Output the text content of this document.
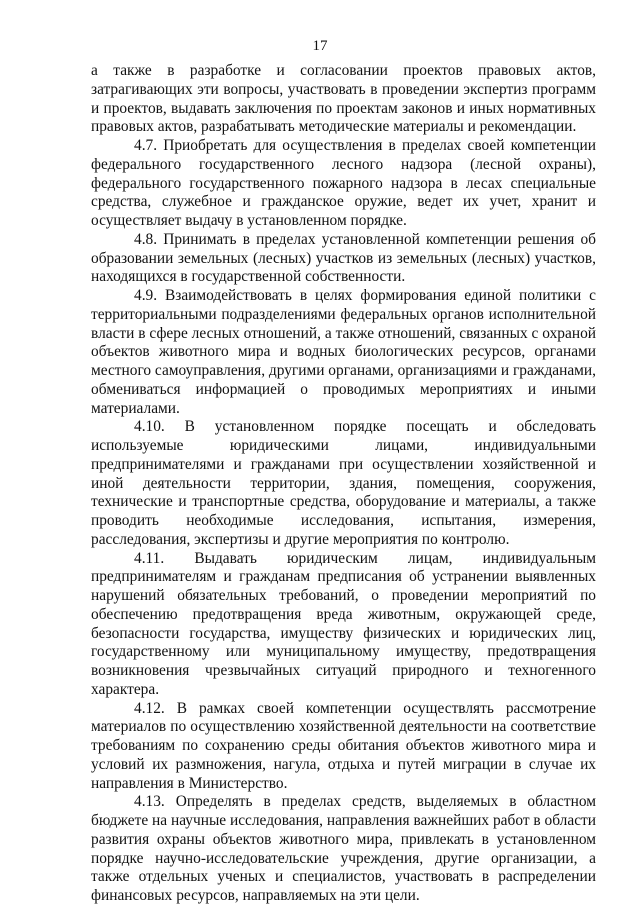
17

а также в разработке и согласовании проектов правовых актов, затрагивающих эти вопросы, участвовать в проведении экспертиз программ и проектов, выдавать заключения по проектам законов и иных нормативных правовых актов, разрабатывать методические материалы и рекомендации.

4.7. Приобретать для осуществления в пределах своей компетенции федерального государственного лесного надзора (лесной охраны), федерального государственного пожарного надзора в лесах специальные средства, служебное и гражданское оружие, ведет их учет, хранит и осуществляет выдачу в установленном порядке.

4.8. Принимать в пределах установленной компетенции решения об образовании земельных (лесных) участков из земельных (лесных) участков, находящихся в государственной собственности.

4.9. Взаимодействовать в целях формирования единой политики с территориальными подразделениями федеральных органов исполнительной власти в сфере лесных отношений, а также отношений, связанных с охраной объектов животного мира и водных биологических ресурсов, органами местного самоуправления, другими органами, организациями и гражданами, обмениваться информацией о проводимых мероприятиях и иными материалами.

4.10. В установленном порядке посещать и обследовать используемые юридическими лицами, индивидуальными предпринимателями и гражданами при осуществлении хозяйственной и иной деятельности территории, здания, помещения, сооружения, технические и транспортные средства, оборудование и материалы, а также проводить необходимые исследования, испытания, измерения, расследования, экспертизы и другие мероприятия по контролю.

4.11. Выдавать юридическим лицам, индивидуальным предпринимателям и гражданам предписания об устранении выявленных нарушений обязательных требований, о проведении мероприятий по обеспечению предотвращения вреда животным, окружающей среде, безопасности государства, имуществу физических и юридических лиц, государственному или муниципальному имуществу, предотвращения возникновения чрезвычайных ситуаций природного и техногенного характера.

4.12. В рамках своей компетенции осуществлять рассмотрение материалов по осуществлению хозяйственной деятельности на соответствие требованиям по сохранению среды обитания объектов животного мира и условий их размножения, нагула, отдыха и путей миграции в случае их направления в Министерство.

4.13. Определять в пределах средств, выделяемых в областном бюджете на научные исследования, направления важнейших работ в области развития охраны объектов животного мира, привлекать в установленном порядке научно-исследовательские учреждения, другие организации, а также отдельных ученых и специалистов, участвовать в распределении финансовых ресурсов, направляемых на эти цели.
